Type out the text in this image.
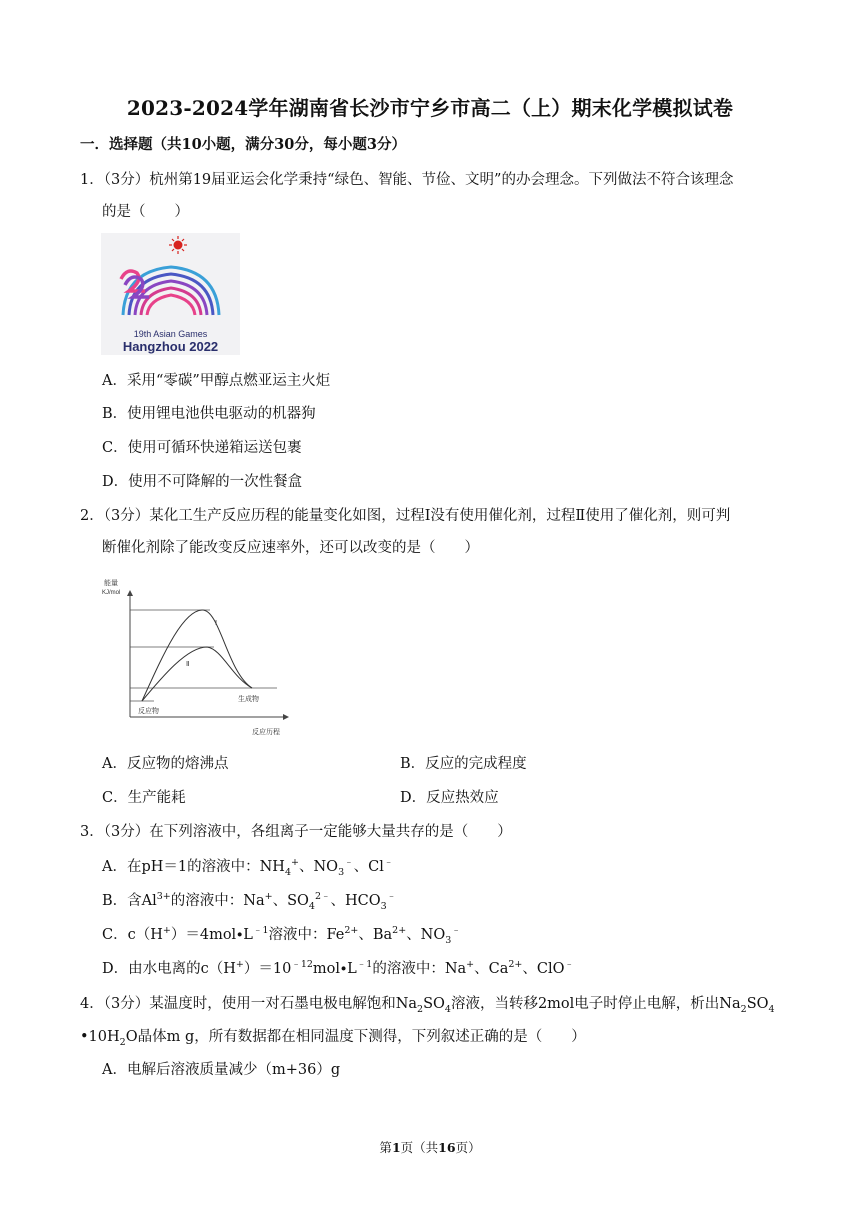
2023-2024学年湖南省长沙市宁乡市高二（上）期末化学模拟试卷
一．选择题（共10小题，满分30分，每小题3分）
1．（3分）杭州第19届亚运会化学秉持“绿色、智能、节俭、文明”的办会理念。下列做法不符合该理念
的是（　　）
19th Asian Games
Hangzhou 2022
A．采用“零碳”甲醇点燃亚运主火炬
B．使用锂电池供电驱动的机器狗
C．使用可循环快递箱运送包裹
D．使用不可降解的一次性餐盒
2．（3分）某化工生产反应历程的能量变化如图，过程Ⅰ没有使用催化剂，过程Ⅱ使用了催化剂，则可判
断催化剂除了能改变反应速率外，还可以改变的是（　　）
能量
KJ/mol
Ⅰ
Ⅱ
反应物
生成物
反应历程
A．反应物的熔沸点	B．反应的完成程度
C．生产能耗	D．反应热效应
3．（3分）在下列溶液中，各组离子一定能够大量共存的是（　　）
A．在pH＝1的溶液中：$NH_4^+$、$NO_3^﹣$、Cl﹣
B．含$Al^{3+}$的溶液中：Na+、$SO_4^{2﹣}$、$HCO_3^﹣$
C．$c(H^+)=4mol\cdot L^{﹣1}$溶液中：$Fe^{2+}$、$Ba^{2+}$、$NO_3^﹣$
D．由水电离的$c(H^+)=10^{﹣12}mol\cdot L^{﹣1}$的溶液中：Na+、$Ca^{2+}$、ClO﹣
4．（3分）某温度时，使用一对石墨电极电解饱和$Na_2SO_4$溶液，当转移2mol电子时停止电解，析出$Na_2SO_4$
$•10H_2O$晶体m g，所有数据都在相同温度下测得，下列叙述正确的是（　　）
A．电解后溶液质量减少（m+36）g
第1页（共16页）
